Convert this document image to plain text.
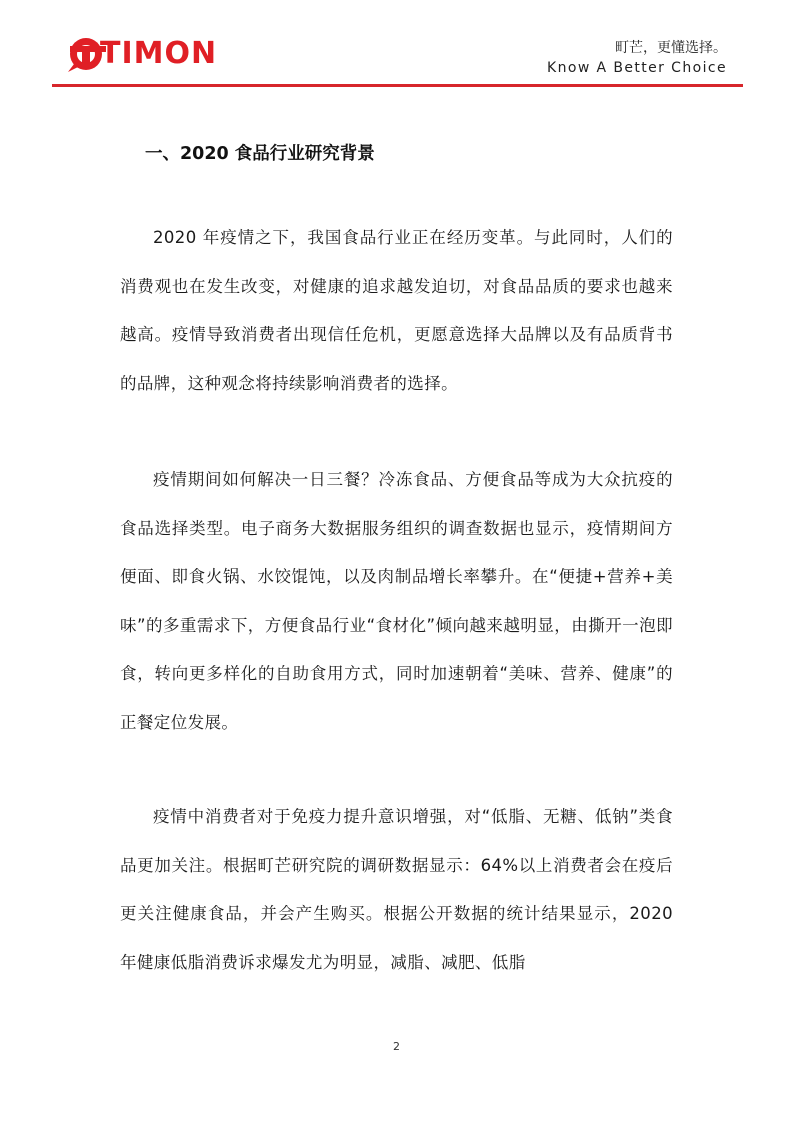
TIMON	町芒，更懂选择。
Know A Better Choice
一、2020 食品行业研究背景

2020 年疫情之下，我国食品行业正在经历变革。与此同时，人们的消费观也在发生改变，对健康的追求越发迫切，对食品品质的要求也越来越高。疫情导致消费者出现信任危机，更愿意选择大品牌以及有品质背书的品牌，这种观念将持续影响消费者的选择。

疫情期间如何解决一日三餐？冷冻食品、方便食品等成为大众抗疫的食品选择类型。电子商务大数据服务组织的调查数据也显示，疫情期间方便面、即食火锅、水饺馄饨，以及肉制品增长率攀升。在“便捷+营养+美味”的多重需求下，方便食品行业“食材化”倾向越来越明显，由撕开一泡即食，转向更多样化的自助食用方式，同时加速朝着“美味、营养、健康”的正餐定位发展。

疫情中消费者对于免疫力提升意识增强，对“低脂、无糖、低钠”类食品更加关注。根据町芒研究院的调研数据显示：64%以上消费者会在疫后更关注健康食品，并会产生购买。根据公开数据的统计结果显示，2020 年健康低脂消费诉求爆发尤为明显，减脂、减肥、低脂

2
